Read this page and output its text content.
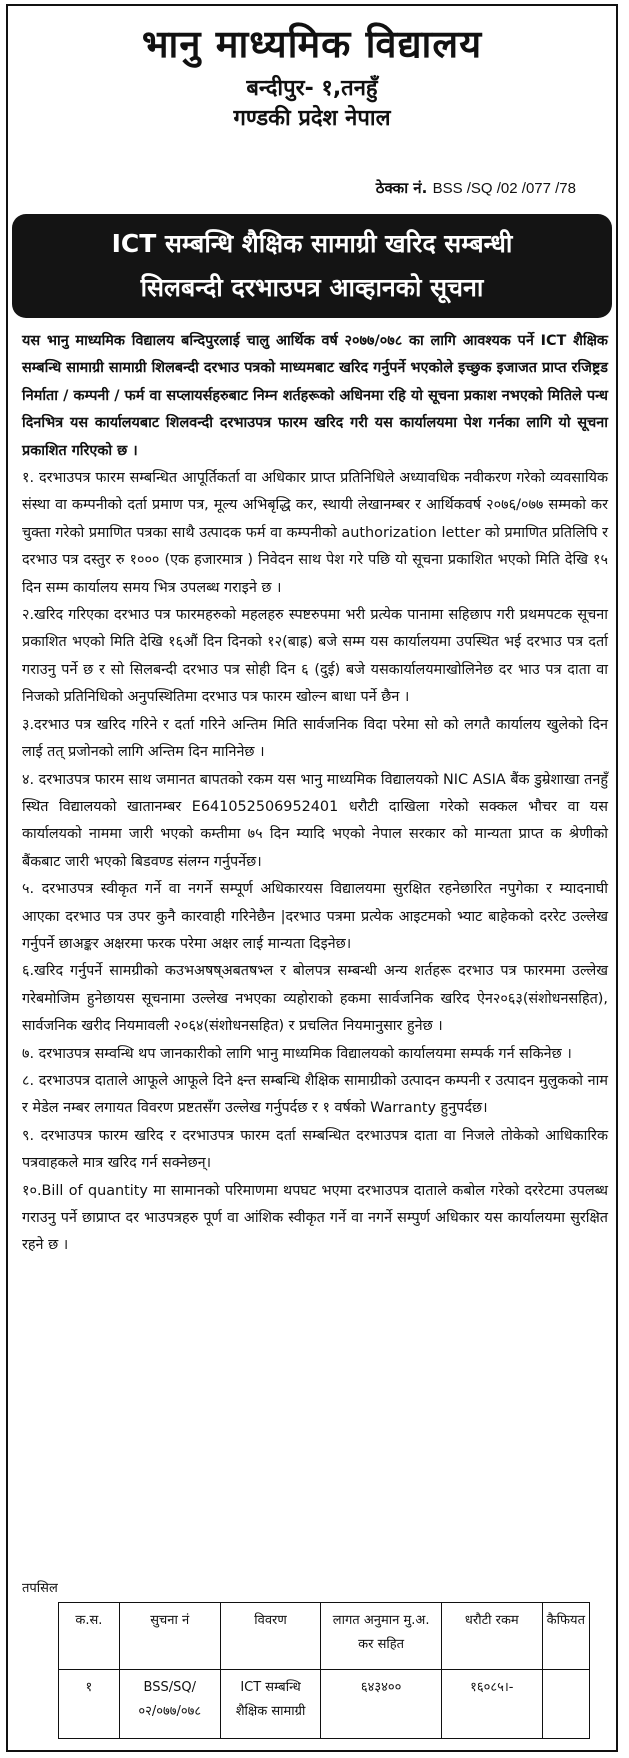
भानु माध्यमिक विद्यालय
बन्दीपुर- १,तनहुँ
गण्डकी प्रदेश नेपाल
ठेक्का नं. BSS /SQ /02 /077 /78
ICT सम्बन्धि शैक्षिक सामाग्री खरिद सम्बन्धी
सिलबन्दी दरभाउपत्र आव्हानको सूचना

यस भानु माध्यमिक विद्यालय बन्दिपुरलाई चालु आर्थिक वर्ष २०७७/०७८ का लागि आवश्यक पर्ने ICT शैक्षिक सम्बन्धि सामाग्री सामाग्री शिलबन्दी दरभाउ पत्रको माध्यमबाट खरिद गर्नुपर्ने भएकोले इच्छुक इजाजत प्राप्त रजिष्ट्रड निर्माता / कम्पनी / फर्म वा सप्लायर्सहरुबाट निम्न शर्तहरूको अधिनमा रहि यो सूचना प्रकाश नभएको मितिले पन्ध दिनभित्र यस कार्यालयबाट शिलवन्दी दरभाउपत्र फारम खरिद गरी यस कार्यालयमा पेश गर्नका लागि यो सूचना प्रकाशित गरिएको छ ।

१. दरभाउपत्र फारम सम्बन्धित आपूर्तिकर्ता वा अधिकार प्राप्त प्रतिनिधिले अध्यावधिक नवीकरण गरेको व्यवसायिक संस्था वा कम्पनीको दर्ता प्रमाण पत्र, मूल्य अभिबृद्धि कर, स्थायी लेखानम्बर र आर्थिकवर्ष २०७६/०७७ सम्मको कर चुक्ता गरेको प्रमाणित पत्रका साथै उत्पादक फर्म वा कम्पनीको authorization letter को प्रमाणित प्रतिलिपि र दरभाउ पत्र दस्तुर रु १००० (एक हजारमात्र ) निवेदन साथ पेश गरे पछि यो सूचना प्रकाशित भएको मिति देखि १५ दिन सम्म कार्यालय समय भित्र उपलब्ध गराइने छ ।

२.खरिद गरिएका दरभाउ पत्र फारमहरुको महलहरु स्पष्टरुपमा भरी प्रत्येक पानामा सहिछाप गरी प्रथमपटक सूचना प्रकाशित भएको मिति देखि १६औं दिन दिनको १२(बाह्र) बजे सम्म यस कार्यालयमा उपस्थित भई दरभाउ पत्र दर्ता गराउनु पर्ने छ र सो सिलबन्दी दरभाउ पत्र सोही दिन ६ (दुई) बजे यसकार्यालयमाखोलिनेछ दर भाउ पत्र दाता वा निजको प्रतिनिधिको अनुपस्थितिमा दरभाउ पत्र फारम खोल्न बाधा पर्ने छैन ।

३.दरभाउ पत्र खरिद गरिने र दर्ता गरिने अन्तिम मिति सार्वजनिक विदा परेमा सो को लगतै कार्यालय खुलेको दिन लाई तत् प्रजोनको लागि अन्तिम दिन मानिनेछ ।

४. दरभाउपत्र फारम साथ जमानत बापतको रकम यस भानु माध्यमिक विद्यालयको NIC ASIA बैंक डुम्रेशाखा तनहुँ स्थित विद्यालयको खातानम्बर E641052506952401 धरौटी दाखिला गरेको सक्कल भौचर वा यस कार्यालयको नाममा जारी भएको कम्तीमा ७५ दिन म्यादि भएको नेपाल सरकार को मान्यता प्राप्त क श्रेणीको बैंकबाट जारी भएको बिडवण्ड संलग्न गर्नुपर्नेछ।

५. दरभाउपत्र स्वीकृत गर्ने वा नगर्ने सम्पूर्ण अधिकारयस विद्यालयमा सुरक्षित रहनेछारित नपुगेका र म्यादनाघी आएका दरभाउ पत्र उपर कुनै कारवाही गरिनेछैन |दरभाउ पत्रमा प्रत्येक आइटमको भ्याट बाहेकको दररेट उल्लेख गर्नुपर्ने छाअङ्कर अक्षरमा फरक परेमा अक्षर लाई मान्यता दिइनेछ।

६.खरिद गर्नुपर्ने सामग्रीको कउभअषष्अबतषभ्ल र बोलपत्र सम्बन्धी अन्य शर्तहरू दरभाउ पत्र फारममा उल्लेख गरेबमोजिम हुनेछायस सूचनामा उल्लेख नभएका व्यहोराको हकमा सार्वजनिक खरिद ऐन२०६३(संशोधनसहित), सार्वजनिक खरीद नियमावली २०६४(संशोधनसहित) र प्रचलित नियमानुसार हुनेछ ।

७. दरभाउपत्र सम्वन्धि थप जानकारीको लागि भानु माध्यमिक विद्यालयको कार्यालयमा सम्पर्क गर्न सकिनेछ ।

८. दरभाउपत्र दाताले आफूले आफूले दिने क्ष्न्त सम्बन्धि शैक्षिक सामाग्रीको उत्पादन कम्पनी र उत्पादन मुलुकको नाम र मेडेल नम्बर लगायत विवरण प्रष्टतसँग उल्लेख गर्नुपर्दछ र १ वर्षको Warranty हुनुपर्दछ।

९. दरभाउपत्र फारम खरिद र दरभाउपत्र फारम दर्ता सम्बन्धित दरभाउपत्र दाता वा निजले तोकेको आधिकारिक पत्रवाहकले मात्र खरिद गर्न सक्नेछन्।

१०.Bill of quantity मा सामानको परिमाणमा थपघट भएमा दरभाउपत्र दाताले कबोल गरेको दररेटमा उपलब्ध गराउनु पर्ने छाप्राप्त दर भाउपत्रहरु पूर्ण वा आंशिक स्वीकृत गर्ने वा नगर्ने सम्पुर्ण अधिकार यस कार्यालयमा सुरक्षित रहने छ ।

तपसिल
क.स.	सुचना नं	विवरण	लागत अनुमान मु.अ. कर सहित	धरौटी रकम	कैफियत
१	BSS/SQ/०२/०७७/०७८	ICT सम्बन्धि शैक्षिक सामाग्री	६४३४००	१६०८५।-	
